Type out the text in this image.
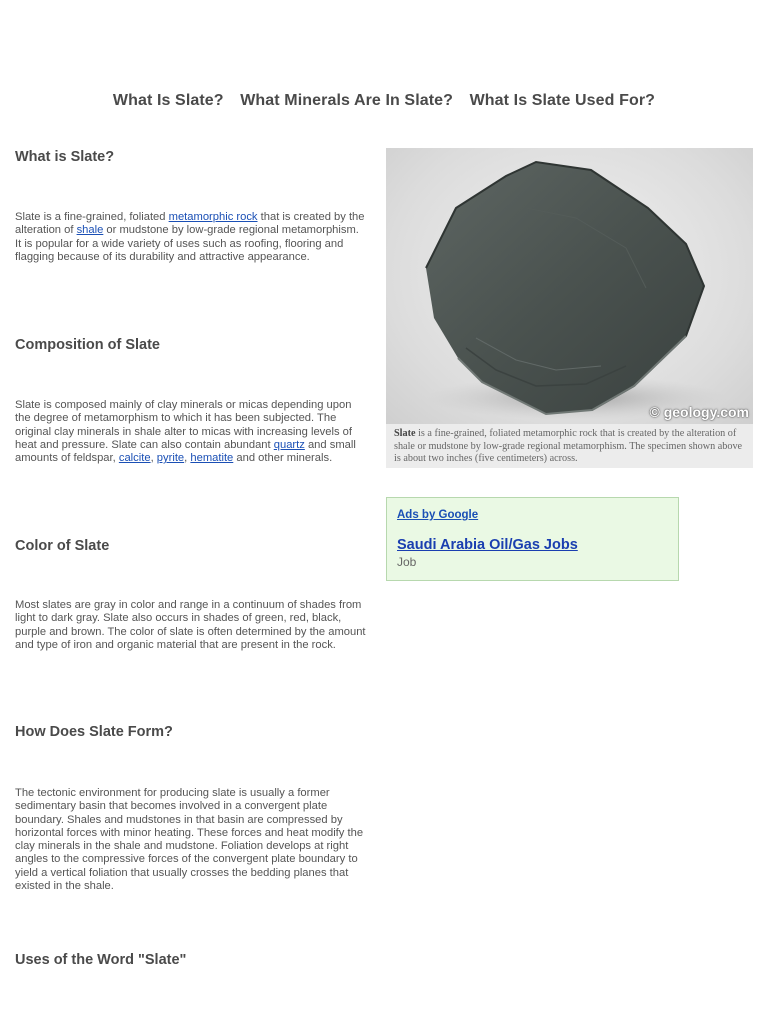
What Is Slate? What Minerals Are In Slate? What Is Slate Used For?
What is Slate?

Slate is a fine-grained, foliated metamorphic rock that is created by the alteration of shale or mudstone by low-grade regional metamorphism. It is popular for a wide variety of uses such as roofing, flooring and flagging because of its durability and attractive appearance.

Composition of Slate

Slate is composed mainly of clay minerals or micas depending upon the degree of metamorphism to which it has been subjected. The original clay minerals in shale alter to micas with increasing levels of heat and pressure. Slate can also contain abundant quartz and small amounts of feldspar, calcite, pyrite, hematite and other minerals.

Color of Slate

Most slates are gray in color and range in a continuum of shades from light to dark gray. Slate also occurs in shades of green, red, black, purple and brown. The color of slate is often determined by the amount and type of iron and organic material that are present in the rock.

How Does Slate Form?

The tectonic environment for producing slate is usually a former sedimentary basin that becomes involved in a convergent plate boundary. Shales and mudstones in that basin are compressed by horizontal forces with minor heating. These forces and heat modify the clay minerals in the shale and mudstone. Foliation develops at right angles to the compressive forces of the convergent plate boundary to yield a vertical foliation that usually crosses the bedding planes that existed in the shale.

Uses of the Word "Slate"
© geology.com
Slate is a fine-grained, foliated metamorphic rock that is created by the alteration of shale or mudstone by low-grade regional metamorphism. The specimen shown above is about two inches (five centimeters) across.
Ads by Google
Saudi Arabia Oil/Gas Jobs
Job
